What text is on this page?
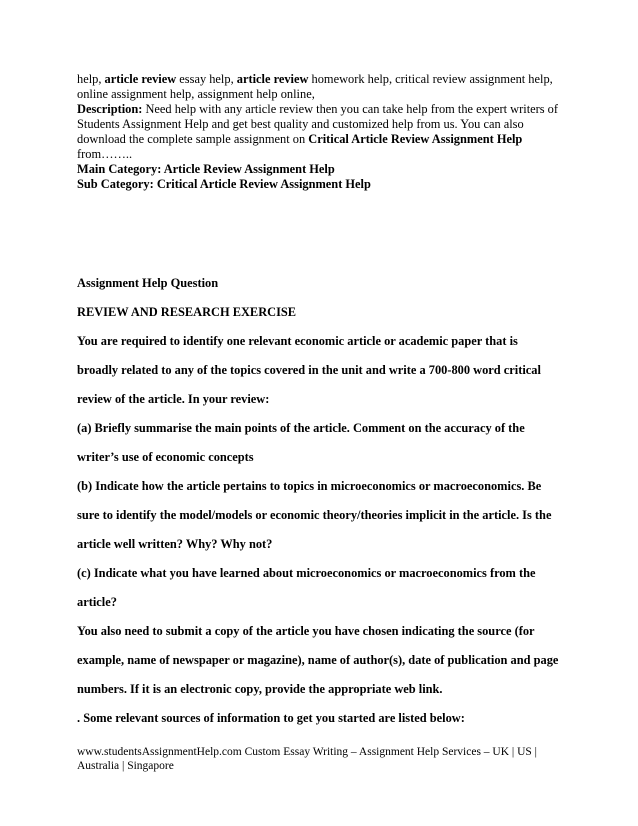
help, article review essay help, article review homework help, critical review assignment help,

online assignment help, assignment help online,

Description: Need help with any article review then you can take help from the expert writers of Students Assignment Help and get best quality and customized help from us. You can also download the complete sample assignment on Critical Article Review Assignment Help
from……..

Main Category: Article Review Assignment Help

Sub Category: Critical Article Review Assignment Help

Assignment Help Question
REVIEW AND RESEARCH EXERCISE
You are required to identify one relevant economic article or academic paper that is
broadly related to any of the topics covered in the unit and write a 700-800 word critical
review of the article. In your review:
(a) Briefly summarise the main points of the article. Comment on the accuracy of the
writer’s use of economic concepts
(b) Indicate how the article pertains to topics in microeconomics or macroeconomics. Be
sure to identify the model/models or economic theory/theories implicit in the article. Is the
article well written? Why? Why not?
(c) Indicate what you have learned about microeconomics or macroeconomics from the
article?
You also need to submit a copy of the article you have chosen indicating the source (for
example, name of newspaper or magazine), name of author(s), date of publication and page
numbers. If it is an electronic copy, provide the appropriate web link.
. Some relevant sources of information to get you started are listed below:
www.studentsAssignmentHelp.com Custom Essay Writing – Assignment Help Services – UK | US |
Australia | Singapore
